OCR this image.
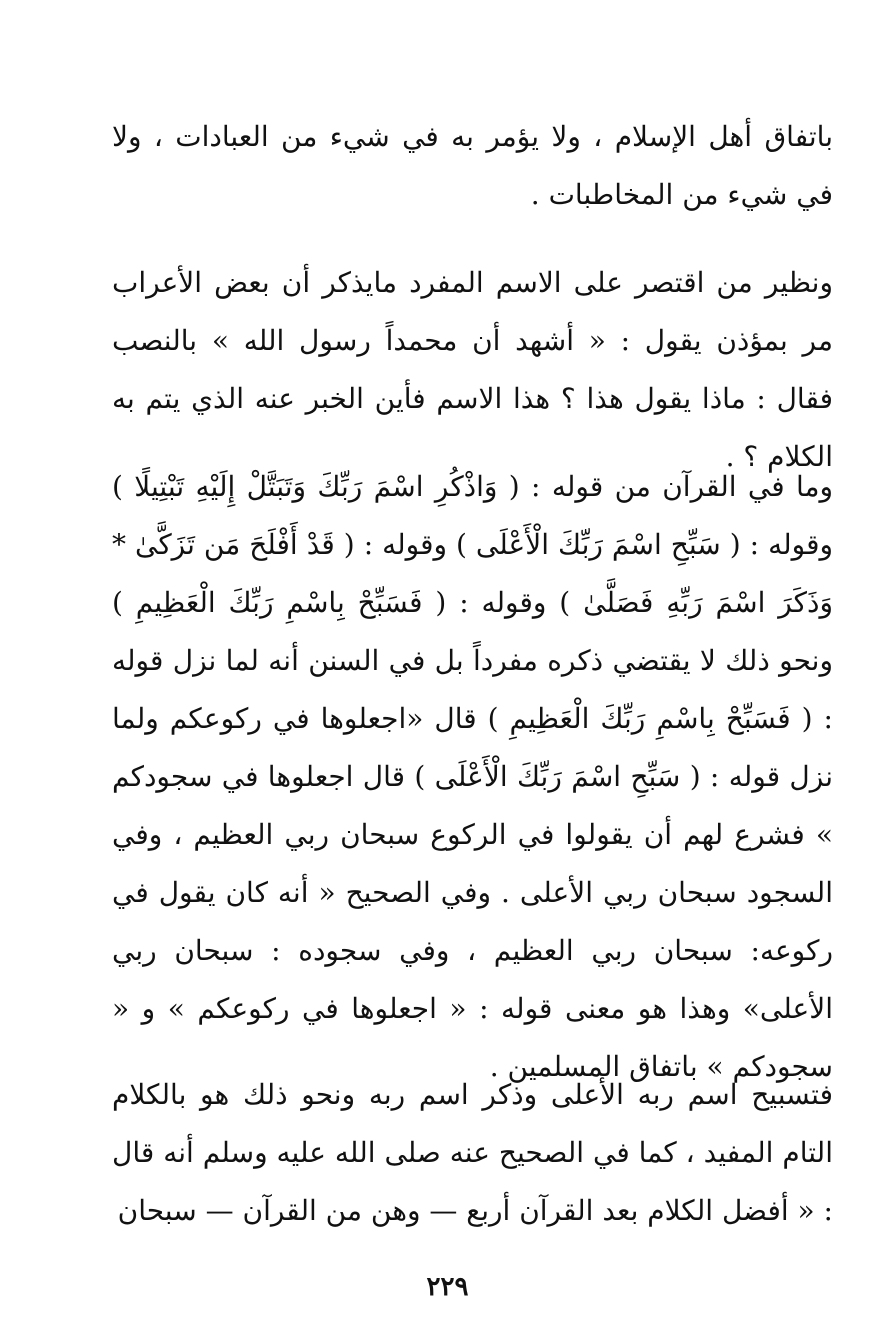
باتفاق أهل الإسلام ، ولا يؤمر به في شيء من العبادات ، ولا في شيء من المخاطبات .

ونظير من اقتصر على الاسم المفرد مايذكر أن بعض الأعراب مر بمؤذن يقول : « أشهد أن محمداً رسول الله » بالنصب فقال : ماذا يقول هذا ؟ هذا الاسم فأين الخبر عنه الذي يتم به الكلام ؟ .

وما في القرآن من قوله : ( وَاذْكُرِ اسْمَ رَبِّكَ وَتَبَتَّلْ إِلَيْهِ تَبْتِيلًا ) وقوله : ( سَبِّحِ اسْمَ رَبِّكَ الْأَعْلَى ) وقوله : ( قَدْ أَفْلَحَ مَن تَزَكَّىٰ * وَذَكَرَ اسْمَ رَبِّهِ فَصَلَّىٰ ) وقوله : ( فَسَبِّحْ بِاسْمِ رَبِّكَ الْعَظِيمِ ) ونحو ذلك لا يقتضي ذكره مفرداً بل في السنن أنه لما نزل قوله : ( فَسَبِّحْ بِاسْمِ رَبِّكَ الْعَظِيمِ ) قال «اجعلوها في ركوعكم ولما نزل قوله : ( سَبِّحِ اسْمَ رَبِّكَ الْأَعْلَى ) قال اجعلوها في سجودكم » فشرع لهم أن يقولوا في الركوع سبحان ربي العظيم ، وفي السجود سبحان ربي الأعلى . وفي الصحيح « أنه كان يقول في ركوعه: سبحان ربي العظيم ، وفي سجوده : سبحان ربي الأعلى» وهذا هو معنى قوله : « اجعلوها في ركوعكم » و « سجودكم » باتفاق المسلمين .

فتسبيح اسم ربه الأعلى وذكر اسم ربه ونحو ذلك هو بالكلام التام المفيد ، كما في الصحيح عنه صلى الله عليه وسلم أنه قال : « أفضل الكلام بعد القرآن أربع — وهن من القرآن — سبحان

٢٢٩
